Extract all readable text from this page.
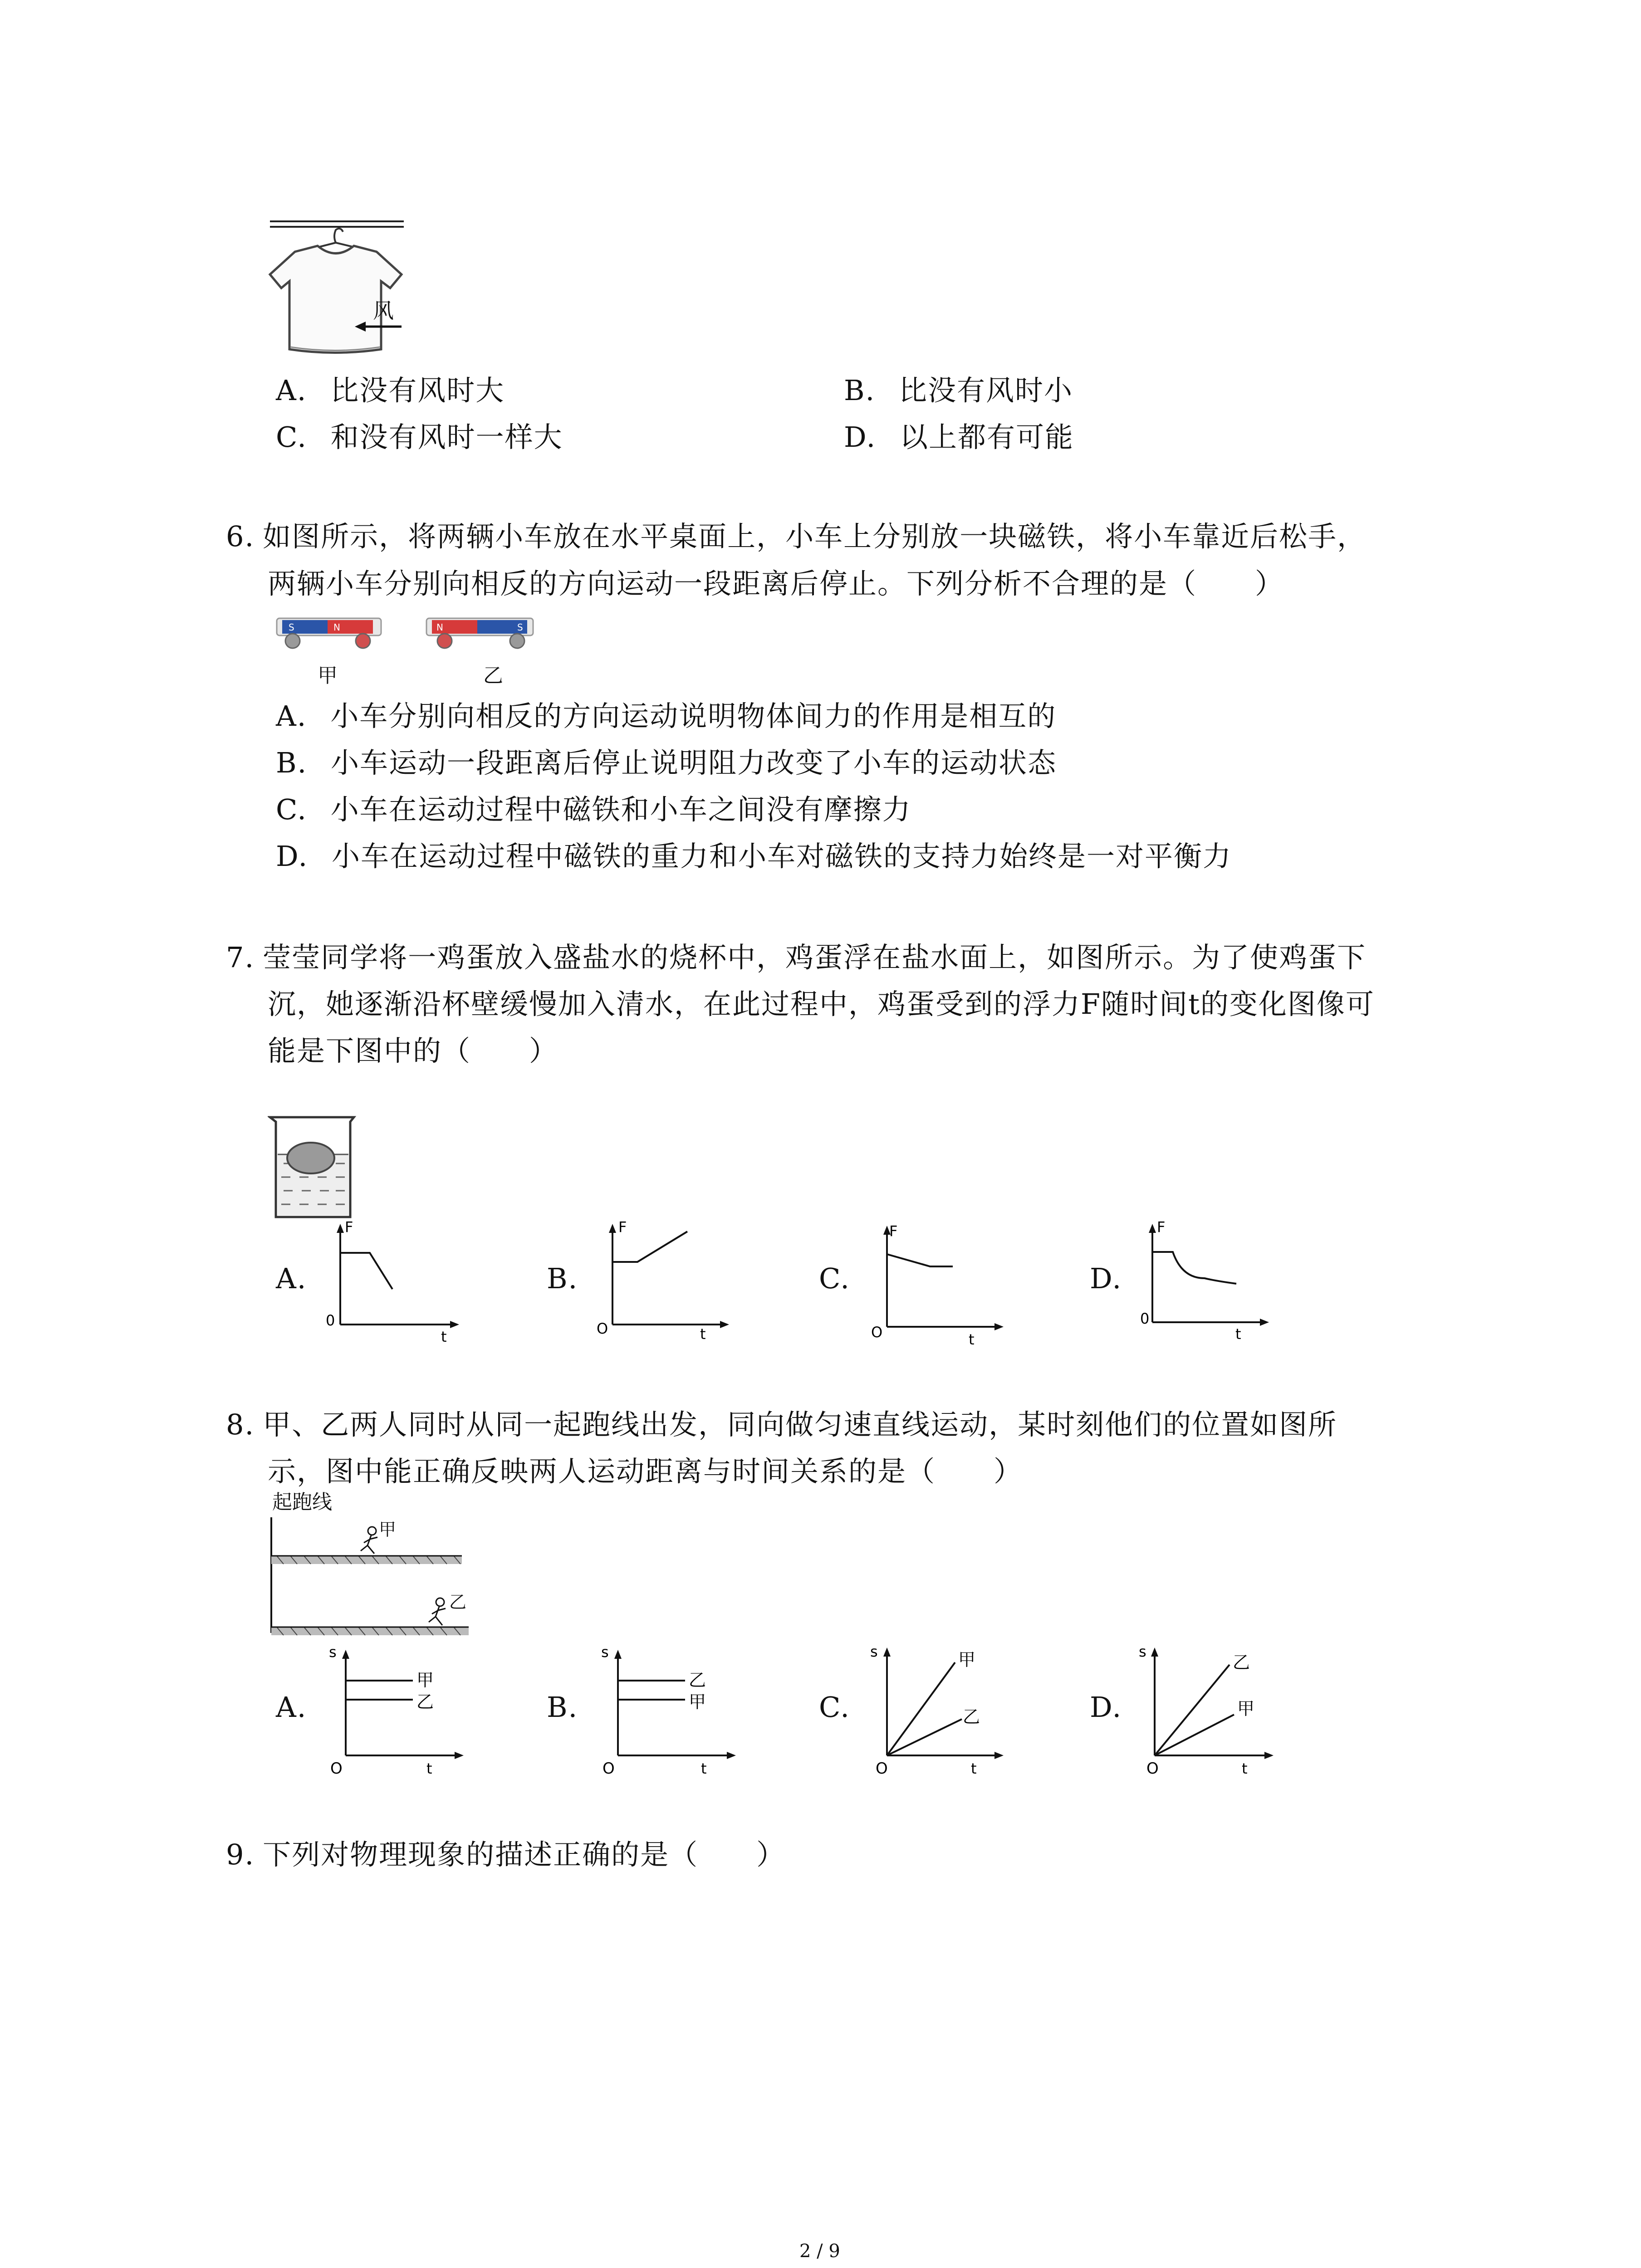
风
A. 比没有风时大	B. 比没有风时小
C. 和没有风时一样大	D. 以上都有可能
6. 如图所示，将两辆小车放在水平桌面上，小车上分别放一块磁铁，将小车靠近后松手，
两辆小车分别向相反的方向运动一段距离后停止。下列分析不合理的是（　　）
S	N	N	S
甲	乙
A. 小车分别向相反的方向运动说明物体间力的作用是相互的
B. 小车运动一段距离后停止说明阻力改变了小车的运动状态
C. 小车在运动过程中磁铁和小车之间没有摩擦力
D. 小车在运动过程中磁铁的重力和小车对磁铁的支持力始终是一对平衡力
7. 莹莹同学将一鸡蛋放入盛盐水的烧杯中，鸡蛋浮在盐水面上，如图所示。为了使鸡蛋下
沉，她逐渐沿杯壁缓慢加入清水，在此过程中，鸡蛋受到的浮力F随时间t的变化图像可
能是下图中的（　　）
A.
F
0
t
B.
F
O	t
C.
F
O	t
D.
F
0
t
8. 甲、乙两人同时从同一起跑线出发，同向做匀速直线运动，某时刻他们的位置如图所
示，图中能正确反映两人运动距离与时间关系的是（　　）
起跑线
甲
乙
A.
甲
乙
s
O	t
B.
乙
甲
s
O	t
C.
甲
乙
s
O	t
D.
乙
甲
s
O	t
9. 下列对物理现象的描述正确的是（　　）
2 / 9
